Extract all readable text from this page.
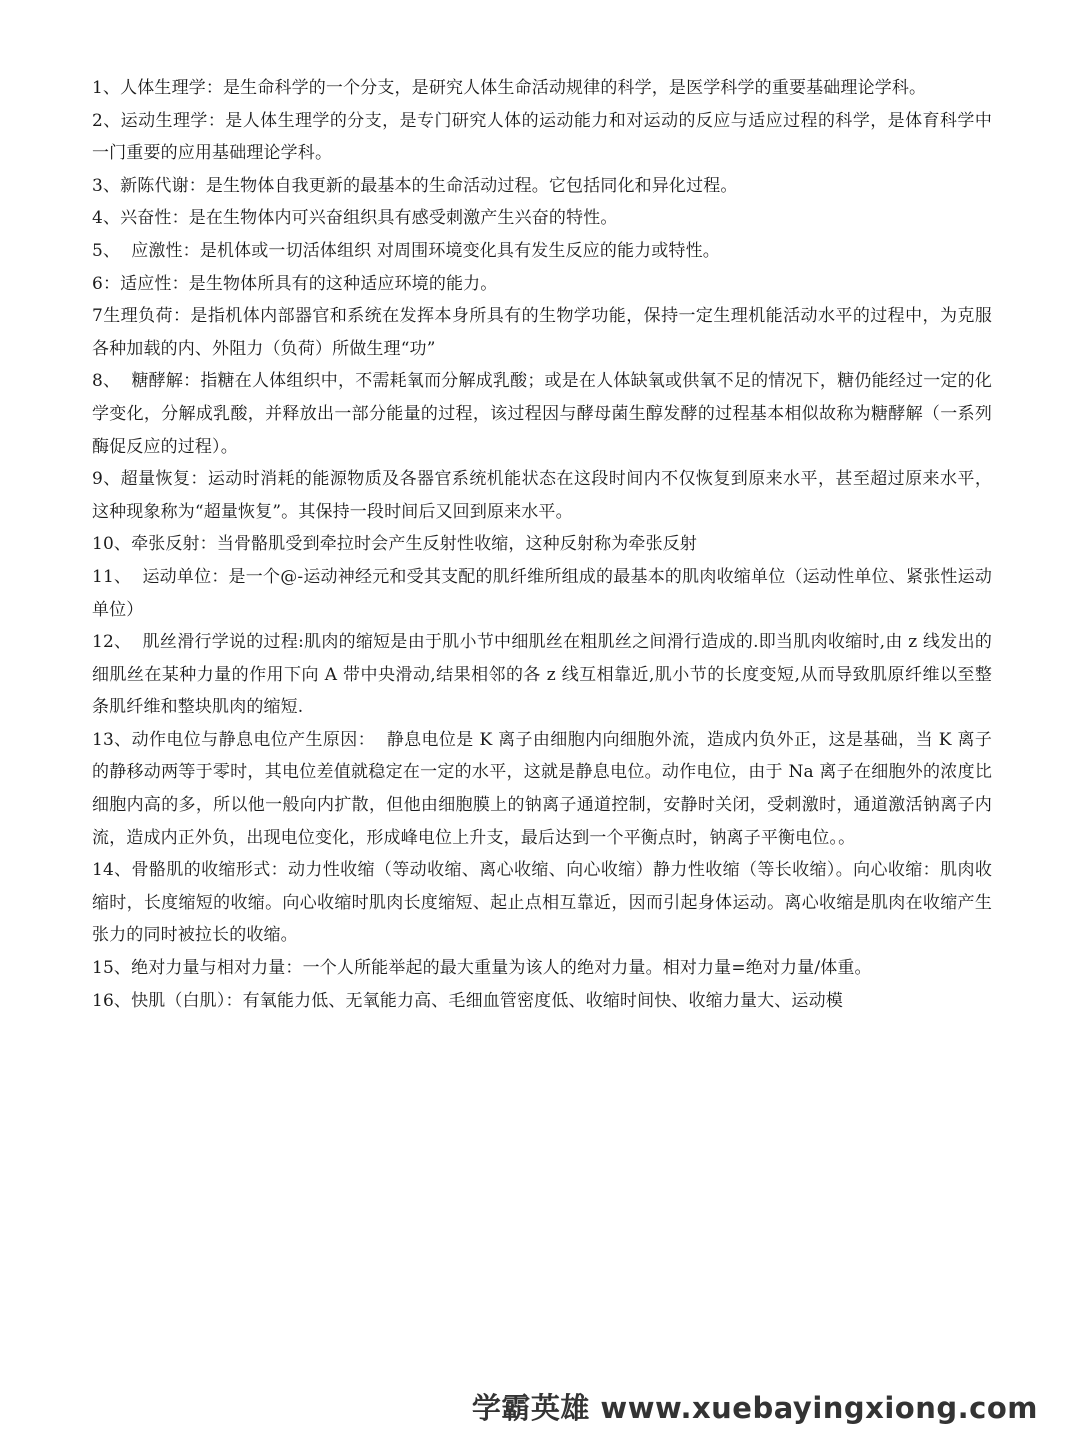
1、人体生理学：是生命科学的一个分支，是研究人体生命活动规律的科学，是医学科学的重要基础理论学科。

2、运动生理学：是人体生理学的分支，是专门研究人体的运动能力和对运动的反应与适应过程的科学，是体育科学中一门重要的应用基础理论学科。

3、新陈代谢：是生物体自我更新的最基本的生命活动过程。它包括同化和异化过程。

4、兴奋性：是在生物体内可兴奋组织具有感受刺激产生兴奋的特性。

5、  应激性：是机体或一切活体组织 对周围环境变化具有发生反应的能力或特性。

6：适应性：是生物体所具有的这种适应环境的能力。

7生理负荷：是指机体内部器官和系统在发挥本身所具有的生物学功能，保持一定生理机能活动水平的过程中，为克服各种加载的内、外阻力（负荷）所做生理“功”

8、  糖酵解：指糖在人体组织中，不需耗氧而分解成乳酸；或是在人体缺氧或供氧不足的情况下，糖仍能经过一定的化学变化，分解成乳酸，并释放出一部分能量的过程，该过程因与酵母菌生醇发酵的过程基本相似故称为糖酵解（一系列酶促反应的过程）。

9、超量恢复：运动时消耗的能源物质及各器官系统机能状态在这段时间内不仅恢复到原来水平，甚至超过原来水平，这种现象称为“超量恢复”。其保持一段时间后又回到原来水平。

10、牵张反射：当骨骼肌受到牵拉时会产生反射性收缩，这种反射称为牵张反射

11、  运动单位：是一个@-运动神经元和受其支配的肌纤维所组成的最基本的肌肉收缩单位（运动性单位、紧张性运动单位）

12、  肌丝滑行学说的过程:肌肉的缩短是由于肌小节中细肌丝在粗肌丝之间滑行造成的.即当肌肉收缩时,由 z 线发出的细肌丝在某种力量的作用下向 A 带中央滑动,结果相邻的各 z 线互相靠近,肌小节的长度变短,从而导致肌原纤维以至整条肌纤维和整块肌肉的缩短.

13、动作电位与静息电位产生原因：  静息电位是 K 离子由细胞内向细胞外流，造成内负外正，这是基础，当 K 离子的静移动两等于零时，其电位差值就稳定在一定的水平，这就是静息电位。动作电位，由于 Na 离子在细胞外的浓度比细胞内高的多，所以他一般向内扩散，但他由细胞膜上的钠离子通道控制，安静时关闭，受刺激时，通道激活钠离子内流，造成内正外负，出现电位变化，形成峰电位上升支，最后达到一个平衡点时，钠离子平衡电位。。

14、骨骼肌的收缩形式：动力性收缩（等动收缩、离心收缩、向心收缩）静力性收缩（等长收缩）。向心收缩：肌肉收缩时，长度缩短的收缩。向心收缩时肌肉长度缩短、起止点相互靠近，因而引起身体运动。离心收缩是肌肉在收缩产生张力的同时被拉长的收缩。

15、绝对力量与相对力量：一个人所能举起的最大重量为该人的绝对力量。相对力量=绝对力量/体重。

16、快肌（白肌）：有氧能力低、无氧能力高、毛细血管密度低、收缩时间快、收缩力量大、运动模

学霸英雄 www.xuebayingxiong.com
